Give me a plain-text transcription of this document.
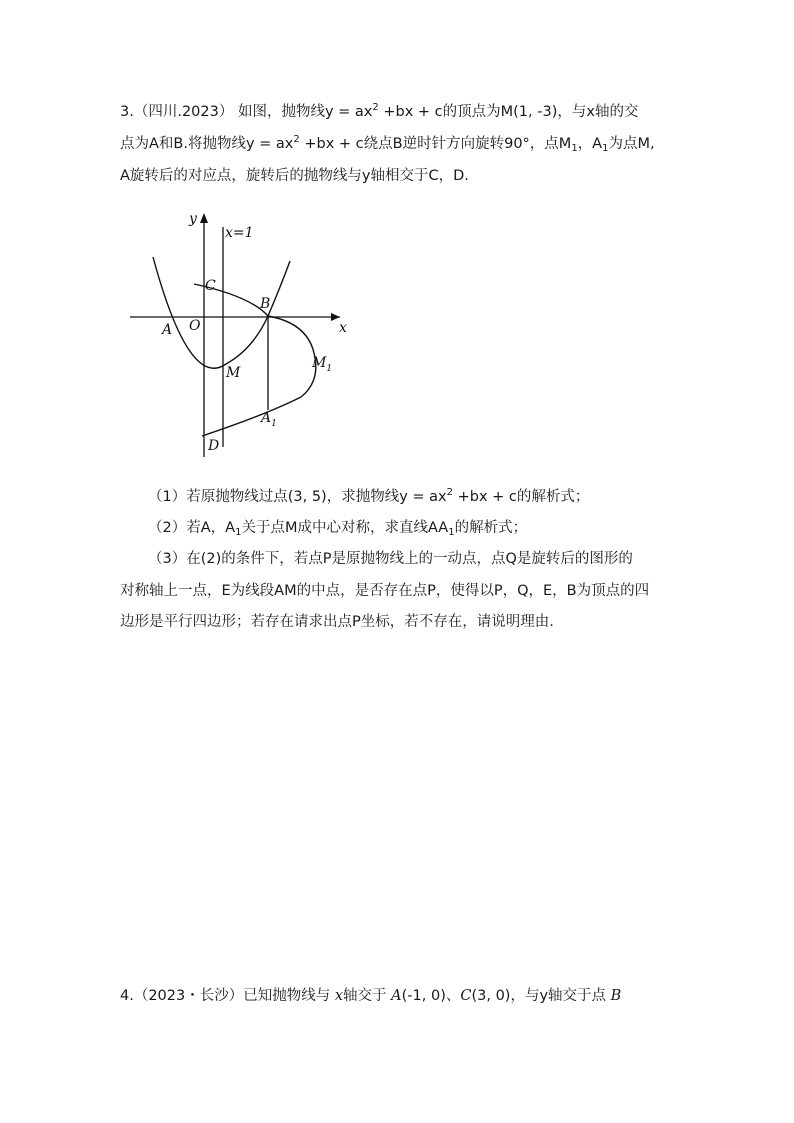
3.（四川.2023） 如图，抛物线$y = ax^2 +bx + c$的顶点为M(1, -3)，与x轴的交
点为A和B.将抛物线$y = ax^2 +bx + c$绕点B逆时针方向旋转90°，点$M_1$，$A_1$为点M,
A旋转后的对应点，旋转后的抛物线与y轴相交于C，D.
y
x
x=1
C
B
A O
M
$M_1$
$A_1$
D
（1）若原抛物线过点(3, 5)，求抛物线$y = ax^2 +bx + c$的解析式；
（2）若A，$A_1$关于点M成中心对称，求直线$AA_1$的解析式；
（3）在(2)的条件下，若点P是原抛物线上的一动点，点Q是旋转后的图形的
对称轴上一点，E为线段AM的中点，是否存在点P，使得以P，Q，E，B为顶点的四
边形是平行四边形；若存在请求出点P坐标，若不存在，请说明理由.
4.（2023・长沙）已知抛物线与 x轴交于 A(-1, 0)、C(3, 0)，与y轴交于点 B
